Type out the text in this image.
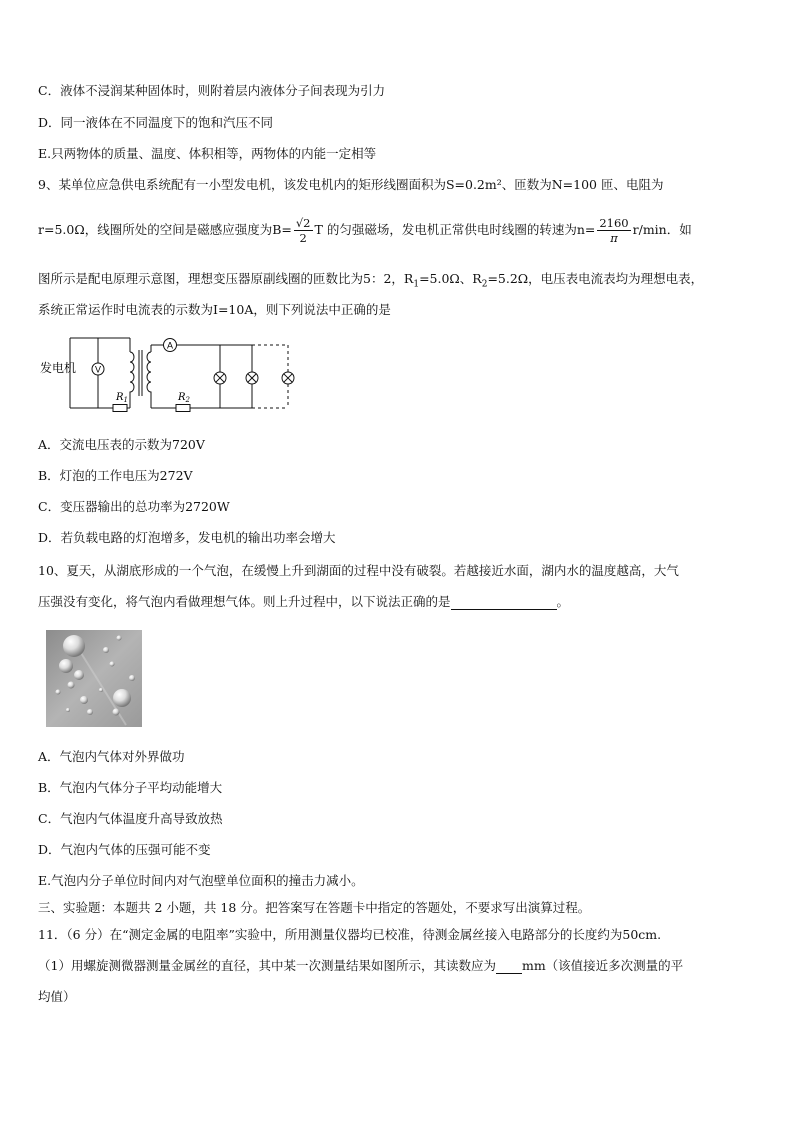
C．液体不浸润某种固体时，则附着层内液体分子间表现为引力
D．同一液体在不同温度下的饱和汽压不同
E.只两物体的质量、温度、体积相等，两物体的内能一定相等
9、某单位应急供电系统配有一小型发电机，该发电机内的矩形线圈面积为S=0.2m²、匝数为N=100 匝、电阻为
r=5.0Ω，线圈所处的空间是磁感应强度为$B= \frac{√2}{2}$ T 的匀强磁场，发电机正常供电时线圈的转速为$n= \frac{2160}{\pi} r/\min$．如
图所示是配电原理示意图，理想变压器原副线圈的匝数比为5：2，$R_1=5.0\Omega$、$R_2=5.2\Omega$，电压表电流表均为理想电表，
系统正常运作时电流表的示数为I=10A，则下列说法中正确的是
V
A
$R_1$	$R_2$
发电机
A．交流电压表的示数为720V
B．灯泡的工作电压为272V
C．变压器输出的总功率为2720W
D．若负载电路的灯泡增多，发电机的输出功率会增大
10、夏天，从湖底形成的一个气泡，在缓慢上升到湖面的过程中没有破裂。若越接近水面，湖内水的温度越高，大气
压强没有变化，将气泡内看做理想气体。则上升过程中，以下说法正确的是	。
A．气泡内气体对外界做功
B．气泡内气体分子平均动能增大
C．气泡内气体温度升高导致放热
D．气泡内气体的压强可能不变
E.气泡内分子单位时间内对气泡壁单位面积的撞击力减小。
三、实验题：本题共 2 小题，共 18 分。把答案写在答题卡中指定的答题处，不要求写出演算过程。
11．（6 分）在“测定金属的电阻率”实验中，所用测量仪器均已校准，待测金属丝接入电路部分的长度约为50cm.
（1）用螺旋测微器测量金属丝的直径，其中某一次测量结果如图所示，其读数应为 mm（该值接近多次测量的平
均值）
